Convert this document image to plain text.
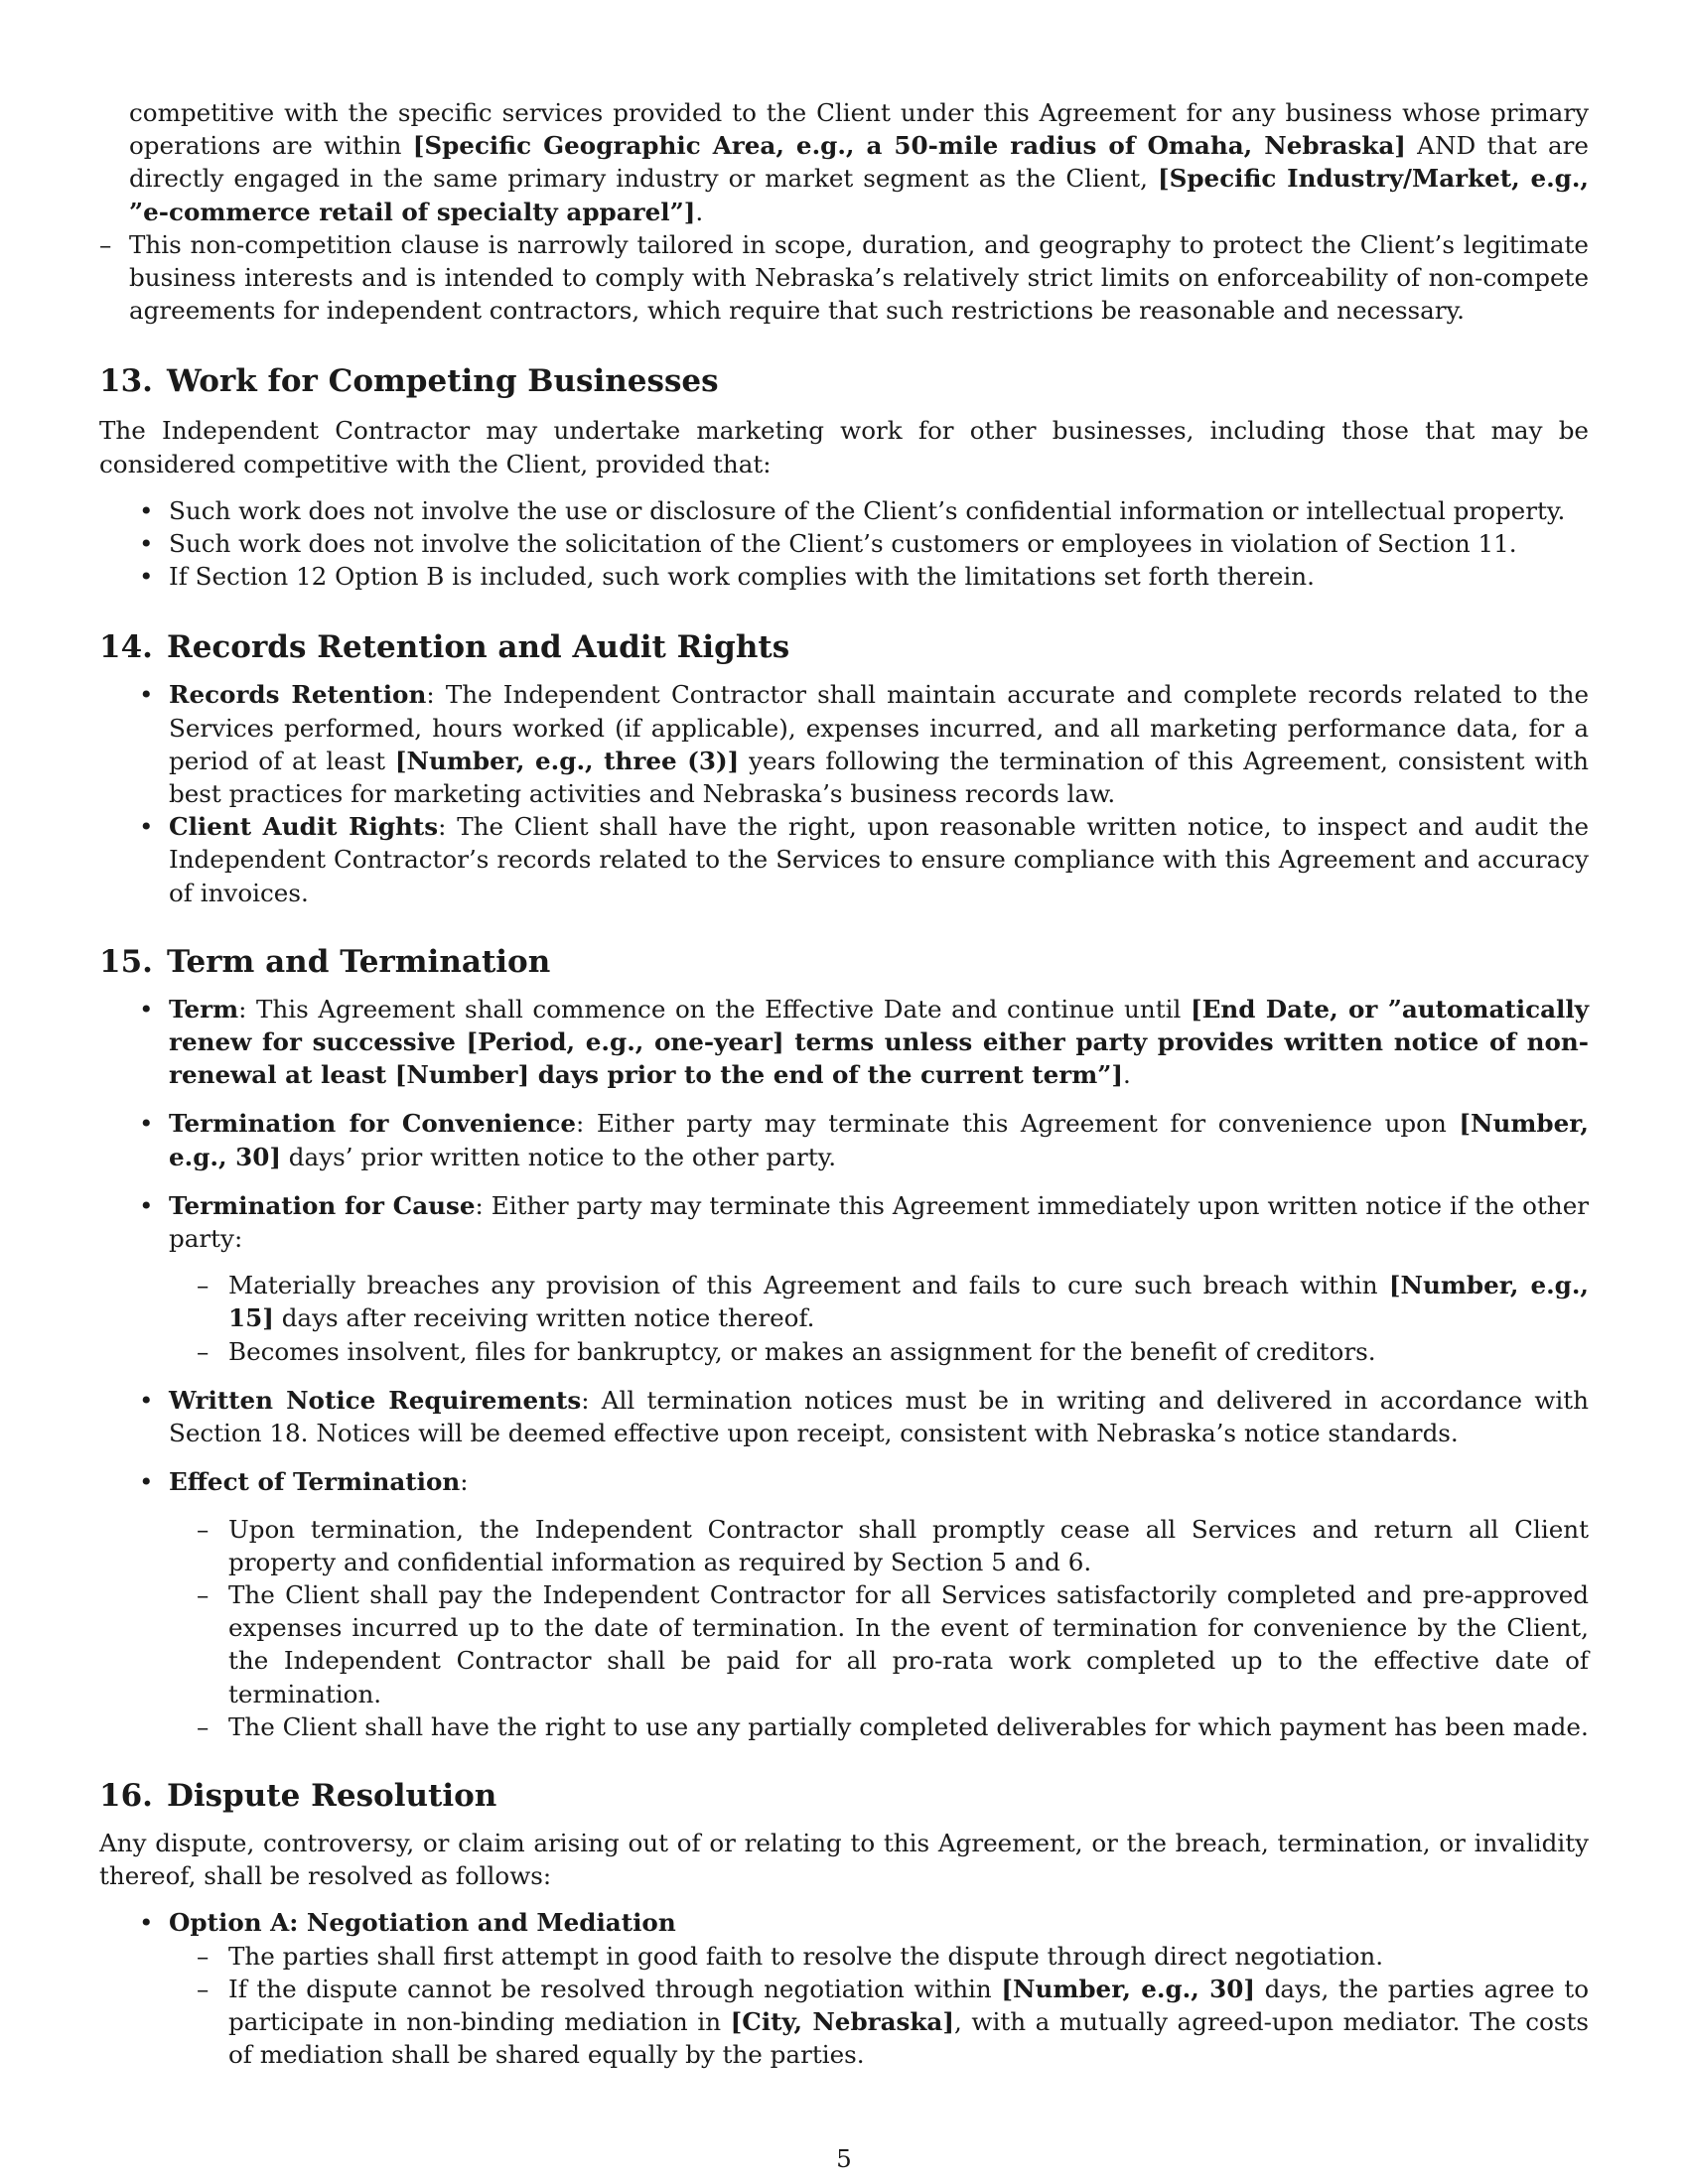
competitive with the specific services provided to the Client under this Agreement for any business whose primary operations are within [Specific Geographic Area, e.g., a 50-mile radius of Omaha, Nebraska] AND that are directly engaged in the same primary industry or market segment as the Client, [Specific Industry/Market, e.g., ”e-commerce retail of specialty apparel”].
– This non-competition clause is narrowly tailored in scope, duration, and geography to protect the Client’s legitimate business interests and is intended to comply with Nebraska’s relatively strict limits on enforceability of non-compete agreements for independent contractors, which require that such restrictions be reasonable and necessary.
13. Work for Competing Businesses

The Independent Contractor may undertake marketing work for other businesses, including those that may be considered competitive with the Client, provided that:

• Such work does not involve the use or disclosure of the Client’s confidential information or intellectual property.
• Such work does not involve the solicitation of the Client’s customers or employees in violation of Section 11.
• If Section 12 Option B is included, such work complies with the limitations set forth therein.
14. Records Retention and Audit Rights
• Records Retention: The Independent Contractor shall maintain accurate and complete records related to the Services performed, hours worked (if applicable), expenses incurred, and all marketing performance data, for a period of at least [Number, e.g., three (3)] years following the termination of this Agreement, consistent with best practices for marketing activities and Nebraska’s business records law.
• Client Audit Rights: The Client shall have the right, upon reasonable written notice, to inspect and audit the Independent Contractor’s records related to the Services to ensure compliance with this Agreement and accuracy of invoices.
15. Term and Termination
• Term: This Agreement shall commence on the Effective Date and continue until [End Date, or ”automatically renew for successive [Period, e.g., one-year] terms unless either party provides written notice of non-renewal at least [Number] days prior to the end of the current term”].
• Termination for Convenience: Either party may terminate this Agreement for convenience upon [Number, e.g., 30] days’ prior written notice to the other party.
• Termination for Cause: Either party may terminate this Agreement immediately upon written notice if the other party:
– Materially breaches any provision of this Agreement and fails to cure such breach within [Number, e.g., 15] days after receiving written notice thereof.
– Becomes insolvent, files for bankruptcy, or makes an assignment for the benefit of creditors.
• Written Notice Requirements: All termination notices must be in writing and delivered in accordance with Section 18. Notices will be deemed effective upon receipt, consistent with Nebraska’s notice standards.
• Effect of Termination:
– Upon termination, the Independent Contractor shall promptly cease all Services and return all Client property and confidential information as required by Section 5 and 6.
– The Client shall pay the Independent Contractor for all Services satisfactorily completed and pre-approved expenses incurred up to the date of termination. In the event of termination for convenience by the Client, the Independent Contractor shall be paid for all pro-rata work completed up to the effective date of termination.
– The Client shall have the right to use any partially completed deliverables for which payment has been made.
16. Dispute Resolution

Any dispute, controversy, or claim arising out of or relating to this Agreement, or the breach, termination, or invalidity thereof, shall be resolved as follows:

• Option A: Negotiation and Mediation
– The parties shall first attempt in good faith to resolve the dispute through direct negotiation.
– If the dispute cannot be resolved through negotiation within [Number, e.g., 30] days, the parties agree to participate in non-binding mediation in [City, Nebraska], with a mutually agreed-upon mediator. The costs of mediation shall be shared equally by the parties.
5
